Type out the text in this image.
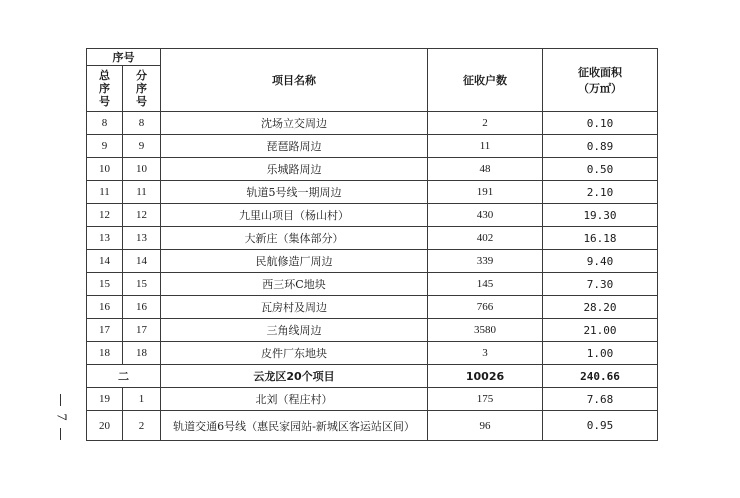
7
序号		项目名称	征收户数	征收面积
（万㎡）

总序号	分序号			
8	8	沈场立交周边	2	0.10
9	9	琵琶路周边	11	0.89
10	10	乐城路周边	48	0.50
11	11	轨道5号线一期周边	191	2.10
12	12	九里山项目（杨山村）	430	19.30
13	13	大新庄（集体部分）	402	16.18
14	14	民航修造厂周边	339	9.40
15	15	西三环C地块	145	7.30
16	16	瓦房村及周边	766	28.20
17	17	三角线周边	3580	21.00
18	18	皮件厂东地块	3	1.00
二		云龙区20个项目	10026	240.66
19	1	北刘（程庄村）	175	7.68
20	2	轨道交通6号线（惠民家园站-新城区客运站区间）	96	0.95
